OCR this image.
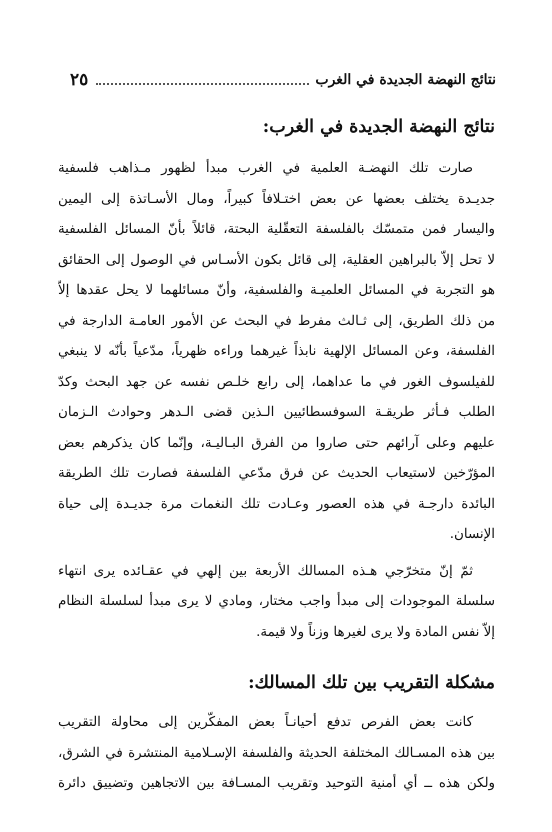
نتائج النهضة الجديدة في الغرب
٢٥
نتائج النهضة الجديدة في الغرب:
صارت تلك النهضـة العلمية في الغرب مبدأ لظهور مـذاهب فلسفية
جديـدة يختلف بعضها عن بعض اختـلافاً كبيراً، ومال الأسـاتذة إلى اليمين
واليسار فمن متمسّك بالفلسفة التعقّلية البحتة، قائلاً بأنّ المسائل الفلسفية
لا تحل إلاّ بالبراهين العقلية، إلى قائل بكون الأسـاس في الوصول إلى الحقائق
هو التجربة في المسائل العلميـة والفلسفية، وأنّ مسائلهما لا يحل عقدها إلاّ
من ذلك الطريق، إلى ثـالث مفرط في البحث عن الأمور العامـة الدارجة في
الفلسفة، وعن المسائل الإلهية نابذاً غيرهما وراءه ظهرياً، مدّعياً بأنّه لا ينبغي
للفيلسوف الغور في ما عداهما، إلى رابع خلـص نفسه عن جهد البحث وكدّ
الطلب فـأثر طريقـة السوفسطائيين الـذين قضى الـدهر وحوادث الـزمان
عليهم وعلى آرائهم حتى صاروا من الفرق البـاليـة، وإنّما كان يذكرهم بعض
المؤرّخين لاستيعاب الحديث عن فرق مدّعي الفلسفة فصارت تلك الطريقة
البائدة دارجـة في هذه العصور وعـادت تلك النغمات مرة جديـدة إلى حياة
الإنسان.
ثمّ إنّ متخرّجي هـذه المسالك الأربعة بين إلهي في عقـائده يرى انتهاء
سلسلة الموجودات إلى مبدأ واجب مختار، ومادي لا يرى مبدأ لسلسلة النظام
إلاّ نفس المادة ولا يرى لغيرها وزناً ولا قيمة.
مشكلة التقريب بين تلك المسالك:
كانت بعض الفرص تدفع أحيانـاً بعض المفكّرين إلى محاولة التقريب
بين هذه المسـالك المختلفة الحديثة والفلسفة الإسـلامية المنتشرة في الشرق،
ولكن هذه ــ أي أمنية التوحيد وتقريب المسـافة بين الاتجاهين وتضييق دائرة
